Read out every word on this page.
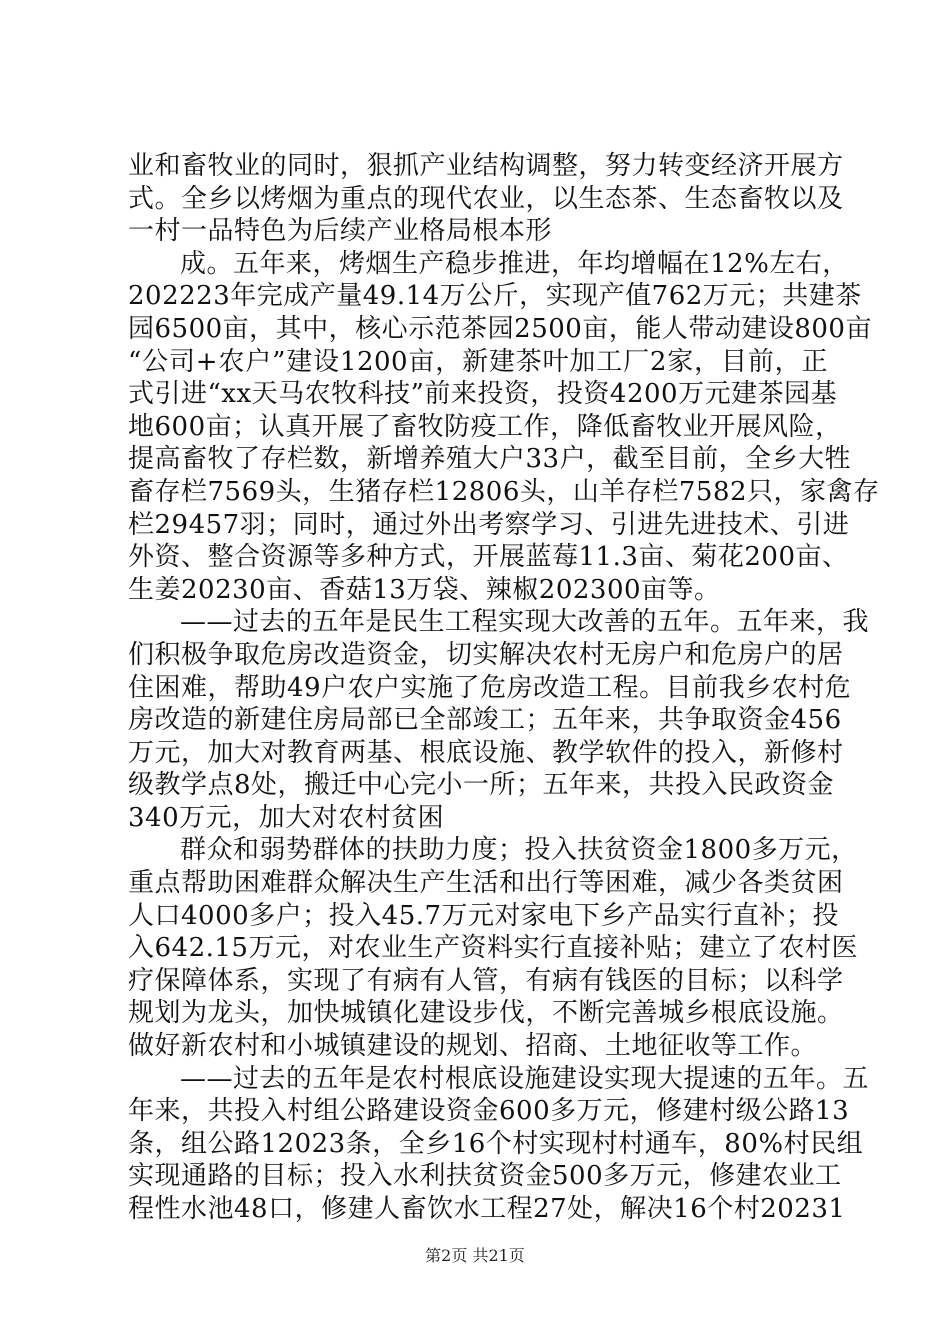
业和畜牧业的同时，狠抓产业结构调整，努力转变经济开展方
式。全乡以烤烟为重点的现代农业，以生态茶、生态畜牧以及
一村一品特色为后续产业格局根本形
成。五年来，烤烟生产稳步推进，年均增幅在12%左右，
202223年完成产量49.14万公斤，实现产值762万元；共建茶
园6500亩，其中，核心示范茶园2500亩，能人带动建设800亩
“公司+农户”建设1200亩，新建茶叶加工厂2家，目前，正
式引进“xx天马农牧科技”前来投资，投资4200万元建茶园基
地600亩；认真开展了畜牧防疫工作，降低畜牧业开展风险，
提高畜牧了存栏数，新增养殖大户33户，截至目前，全乡大牲
畜存栏7569头，生猪存栏12806头，山羊存栏7582只，家禽存
栏29457羽；同时，通过外出考察学习、引进先进技术、引进
外资、整合资源等多种方式，开展蓝莓11.3亩、菊花200亩、
生姜20230亩、香菇13万袋、辣椒202300亩等。
——过去的五年是民生工程实现大改善的五年。五年来，我
们积极争取危房改造资金，切实解决农村无房户和危房户的居
住困难，帮助49户农户实施了危房改造工程。目前我乡农村危
房改造的新建住房局部已全部竣工；五年来，共争取资金456
万元，加大对教育两基、根底设施、教学软件的投入，新修村
级教学点8处，搬迁中心完小一所；五年来，共投入民政资金
340万元，加大对农村贫困
群众和弱势群体的扶助力度；投入扶贫资金1800多万元，
重点帮助困难群众解决生产生活和出行等困难，减少各类贫困
人口4000多户；投入45.7万元对家电下乡产品实行直补；投
入642.15万元，对农业生产资料实行直接补贴；建立了农村医
疗保障体系，实现了有病有人管，有病有钱医的目标；以科学
规划为龙头，加快城镇化建设步伐，不断完善城乡根底设施。
做好新农村和小城镇建设的规划、招商、土地征收等工作。
——过去的五年是农村根底设施建设实现大提速的五年。五
年来，共投入村组公路建设资金600多万元，修建村级公路13
条，组公路12023条，全乡16个村实现村村通车，80%村民组
实现通路的目标；投入水利扶贫资金500多万元，修建农业工
程性水池48口，修建人畜饮水工程27处，解决16个村20231
第2页 共21页
